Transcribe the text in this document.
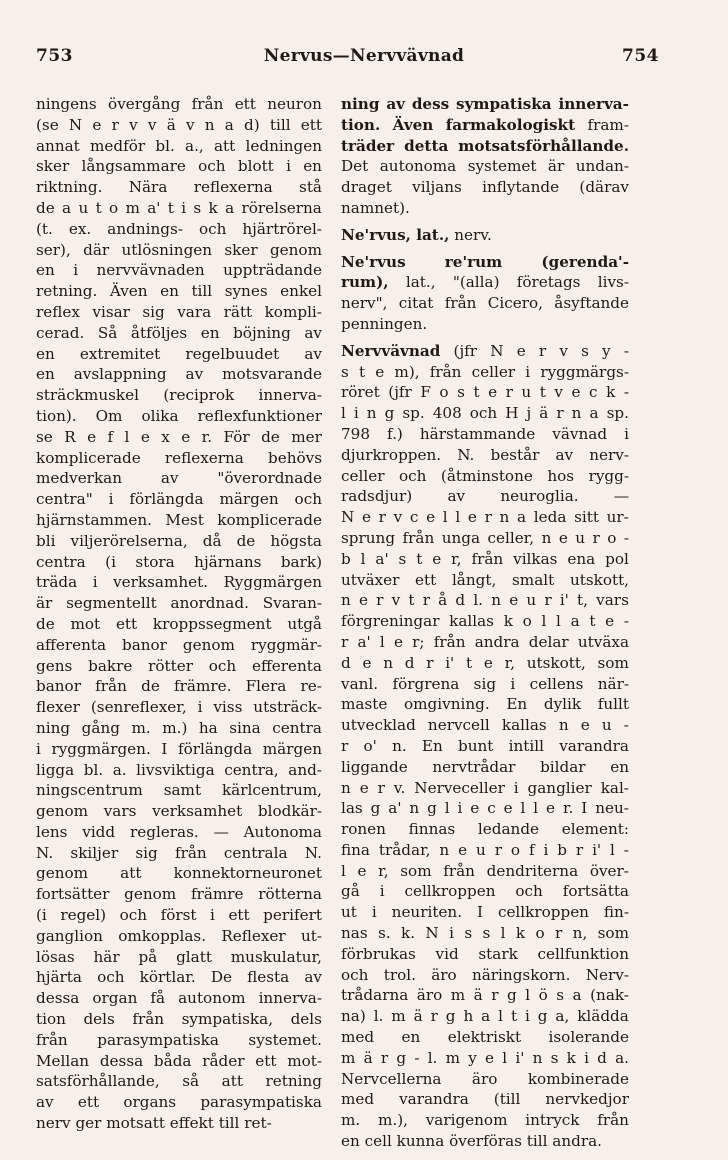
753	Nervus—Nervvävnad	754
ningens övergång från ett neuron
(se N e r v v ä v n a d) till ett
annat medför bl. a., att ledningen
sker långsammare och blott i en
riktning. Nära reflexerna stå
de a u t o m a' t i s k a rörelserna
(t. ex. andnings- och hjärtrörel-
ser), där utlösningen sker genom
en i nervvävnaden uppträdande
retning. Även en till synes enkel
reflex visar sig vara rätt kompli-
cerad. Så åtföljes en böjning av
en extremitet regelbuudet av
en avslappning av motsvarande
sträckmuskel (reciprok innerva-
tion). Om olika reflexfunktioner
se R e f l e x e r. För de mer
komplicerade reflexerna behövs
medverkan	av	"överordnade
centra" i förlängda märgen och
hjärnstammen. Mest komplicerade
bli viljerörelserna, då de högsta
centra (i stora hjärnans bark)
träda i verksamhet. Ryggmärgen
är segmentellt anordnad. Svaran-
de mot ett kroppssegment utgå
afferenta banor genom ryggmär-
gens bakre rötter och efferenta
banor från de främre. Flera re-
flexer (senreflexer, i viss utsträck-
ning gång m. m.) ha sina centra
i ryggmärgen. I förlängda märgen
ligga bl. a. livsviktiga centra, and-
ningscentrum samt kärlcentrum,
genom vars verksamhet blodkär-
lens vidd regleras. — Autonoma
N. skiljer sig från centrala N.
genom att konnektorneuronet
fortsätter genom främre rötterna
(i regel) och först i ett perifert
ganglion omkopplas. Reflexer ut-
lösas här på glatt muskulatur,
hjärta och körtlar. De flesta av
dessa organ få autonom innerva-
tion dels från sympatiska, dels
från parasympatiska systemet.
Mellan dessa båda råder ett mot-
satsförhållande, så att retning
av ett organs parasympatiska
nerv ger motsatt effekt till ret-
ning av dess sympatiska innerva-
tion. Även farmakologiskt fram-
träder detta motsatsförhållande.
Det autonoma systemet är undan-
draget viljans inflytande (därav
namnet).
Ne'rvus, lat., nerv.
Ne'rvus	re'rum	(gerenda'-
rum), lat., "(alla) företags livs-
nerv", citat från Cicero, åsyftande
penningen.
Nervvävnad (jfr N e r v s y -
s t e m), från celler i ryggmärgs-
röret (jfr F o s t e r u t v e c k -
l i n g sp. 408 och H j ä r n a sp.
798 f.) härstammande vävnad i
djurkroppen. N. består av nerv-
celler och (åtminstone hos rygg-
radsdjur) av neuroglia. —
N e r v c e l l e r n a leda sitt ur-
sprung från unga celler, n e u r o -
b l a' s t e r, från vilkas ena pol
utväxer ett långt, smalt utskott,
n e r v t r å d l. n e u r i' t, vars
förgreningar kallas k o l l a t e -
r a' l e r; från andra delar utväxa
d e n d r i' t e r, utskott, som
vanl. förgrena sig i cellens när-
maste omgivning. En dylik fullt
utvecklad nervcell kallas n e u -
r o' n. En bunt intill varandra
liggande nervtrådar bildar en
n e r v. Nerveceller i ganglier kal-
las g a' n g l i e c e l l e r. I neu-
ronen finnas ledande element:
fina trådar, n e u r o f i b r i' l -
l e r, som från dendriterna över-
gå i cellkroppen och fortsätta
ut i neuriten. I cellkroppen fin-
nas s. k. N i s s l k o r n, som
förbrukas vid stark cellfunktion
och trol. äro näringskorn. Nerv-
trådarna äro m ä r g l ö s a (nak-
na) l. m ä r g h a l t i g a, klädda
med en elektriskt isolerande
m ä r g - l. m y e l i' n s k i d a.
Nervcellerna äro kombinerade
med varandra (till nervkedjor
m. m.), varigenom intryck från
en cell kunna överföras till andra.
